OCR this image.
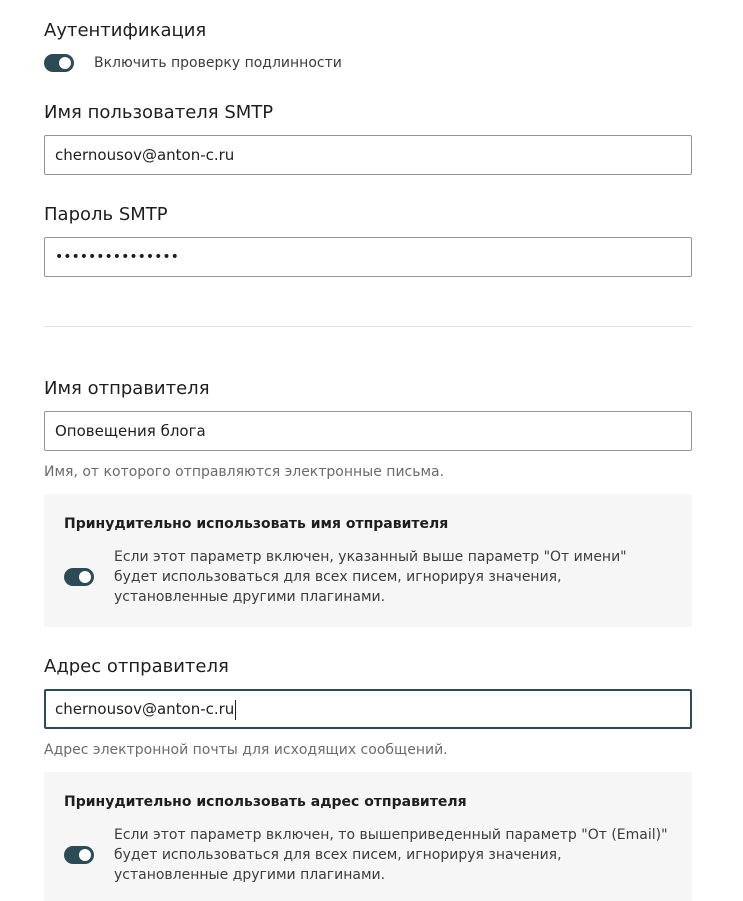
Аутентификация
Включить проверку подлинности
Имя пользователя SMTP
chernousov@anton-c.ru
Пароль SMTP
•••••••••••••••
Имя отправителя
Оповещения блога
Имя, от которого отправляются электронные письма.
Принудительно использовать имя отправителя
Если этот параметр включен, указанный выше параметр "От имени" будет использоваться для всех писем, игнорируя значения, установленные другими плагинами.
Адрес отправителя
chernousov@anton-c.ru
Адрес электронной почты для исходящих сообщений.
Принудительно использовать адрес отправителя
Если этот параметр включен, то вышеприведенный параметр "От (Email)" будет использоваться для всех писем, игнорируя значения, установленные другими плагинами.
